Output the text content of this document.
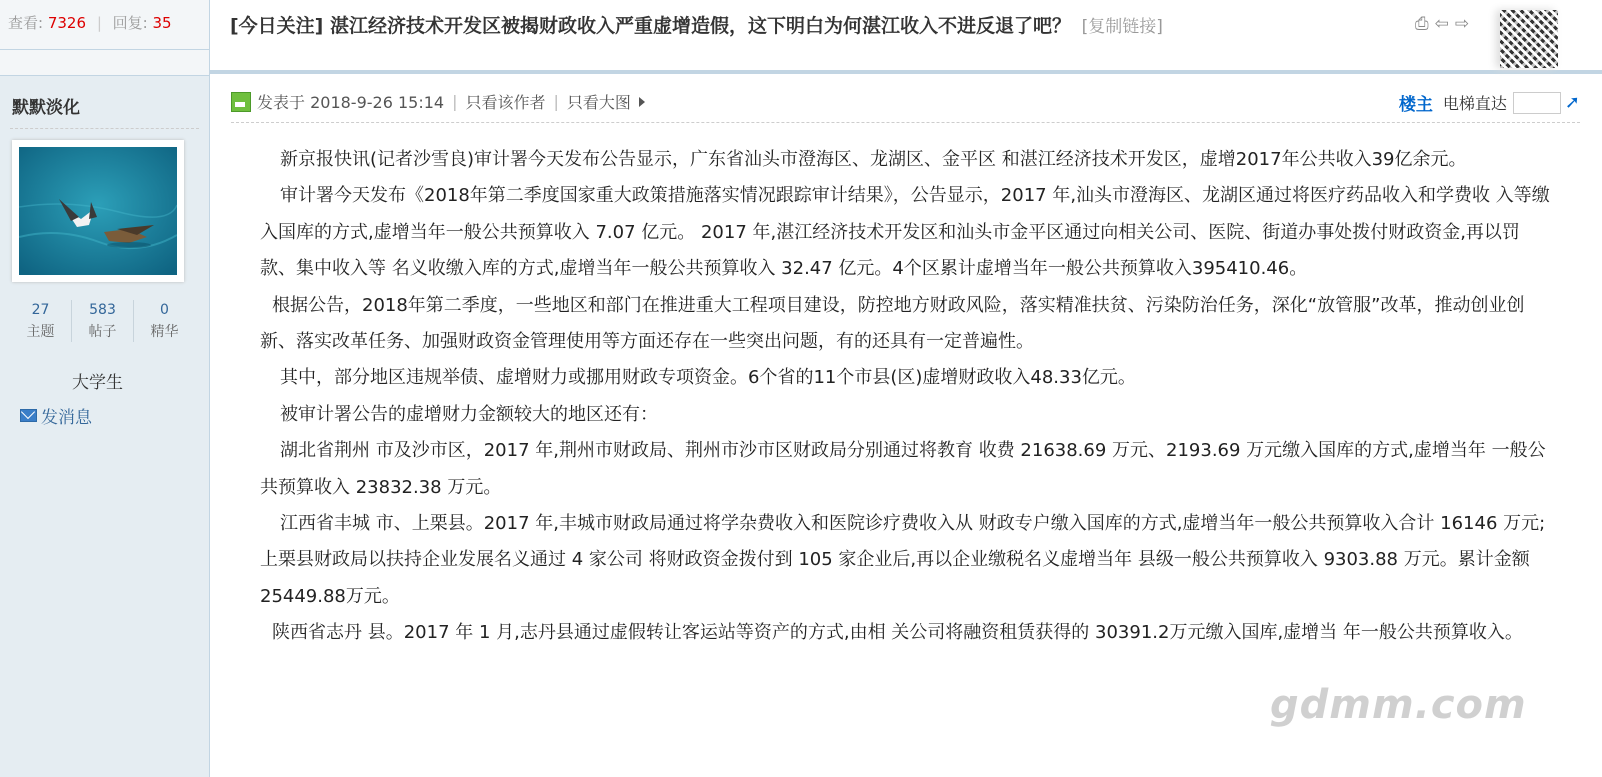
查看: 7326 | 回复: 35
默默淡化
27
主题
583
帖子
0
精华
大学生
发消息
[今日关注] 湛江经济技术开发区被揭财政收入严重虚增造假，这下明白为何湛江收入不进反退了吧？ [复制链接]	⎙ ⇦ ⇨
发表于 2018-9-26 15:14 | 只看该作者 | 只看大图	楼主 电梯直达	➚

新京报快讯(记者沙雪良)审计署今天发布公告显示，广东省汕头市澄海区、龙湖区、金平区 和湛江经济技术开发区，虚增2017年公共收入39亿余元。

审计署今天发布《2018年第二季度国家重大政策措施落实情况跟踪审计结果》，公告显示，2017 年,汕头市澄海区、龙湖区通过将医疗药品收入和学费收 入等缴入国库的方式,虚增当年一般公共预算收入 7.07 亿元。 2017 年,湛江经济技术开发区和汕头市金平区通过向相关公司、医院、街道办事处拨付财政资金,再以罚款、集中收入等 名义收缴入库的方式,虚增当年一般公共预算收入 32.47 亿元。4个区累计虚增当年一般公共预算收入395410.46。

根据公告，2018年第二季度，一些地区和部门在推进重大工程项目建设，防控地方财政风险，落实精准扶贫、污染防治任务，深化“放管服”改革，推动创业创新、落实改革任务、加强财政资金管理使用等方面还存在一些突出问题，有的还具有一定普遍性。

其中，部分地区违规举债、虚增财力或挪用财政专项资金。6个省的11个市县(区)虚增财政收入48.33亿元。

被审计署公告的虚增财力金额较大的地区还有：

湖北省荆州 市及沙市区，2017 年,荆州市财政局、荆州市沙市区财政局分别通过将教育 收费 21638.69 万元、2193.69 万元缴入国库的方式,虚增当年 一般公共预算收入 23832.38 万元。

江西省丰城 市、上栗县。2017 年,丰城市财政局通过将学杂费收入和医院诊疗费收入从 财政专户缴入国库的方式,虚增当年一般公共预算收入合计 16146 万元;上栗县财政局以扶持企业发展名义通过 4 家公司 将财政资金拨付到 105 家企业后,再以企业缴税名义虚增当年 县级一般公共预算收入 9303.88 万元。累计金额25449.88万元。

陕西省志丹 县。2017 年 1 月,志丹县通过虚假转让客运站等资产的方式,由相 关公司将融资租赁获得的 30391.2万元缴入国库,虚增当 年一般公共预算收入。

gdmm.com
